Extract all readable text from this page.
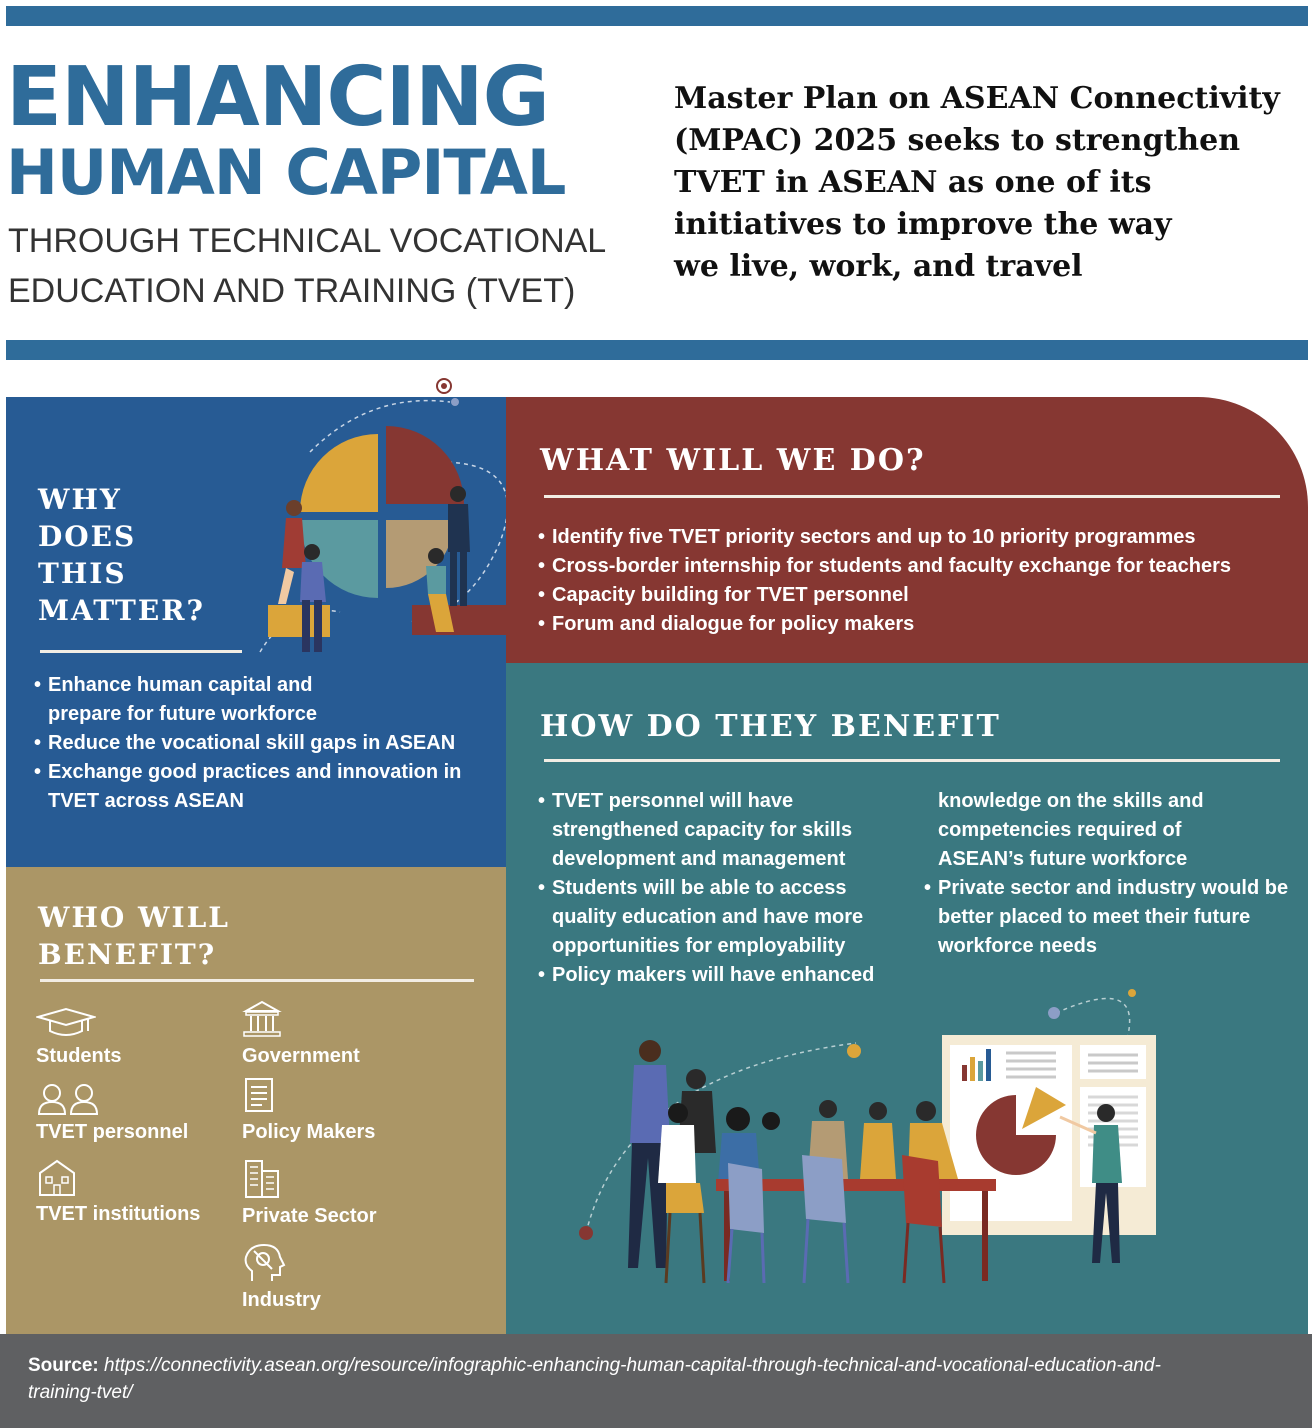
ENHANCING
HUMAN CAPITAL
THROUGH TECHNICAL VOCATIONAL
EDUCATION AND TRAINING (TVET)
Master Plan on ASEAN Connectivity
(MPAC) 2025 seeks to strengthen
TVET in ASEAN as one of its
initiatives to improve the way
we live, work, and travel
WHY
DOES
THIS
MATTER?
• Enhance human capital and prepare for future workforce
• Reduce the vocational skill gaps in ASEAN
• Exchange good practices and innovation in TVET across ASEAN
WHAT WILL WE DO?
• Identify five TVET priority sectors and up to 10 priority programmes
• Cross-border internship for students and faculty exchange for teachers
• Capacity building for TVET personnel
• Forum and dialogue for policy makers
WHO WILL
BENEFIT?
Students	Government
TVET personnel	Policy Makers
TVET institutions Private Sector
Industry
HOW DO THEY BENEFIT
• TVET personnel will have strengthened capacity for skills development and management
• Students will be able to access quality education and have more opportunities for employability
• Policy makers will have enhanced
knowledge on the skills and competencies required of ASEAN’s future workforce
• Private sector and industry would be better placed to meet their future workforce needs
Source: https://connectivity.asean.org/resource/infographic-enhancing-human-capital-through-technical-and-vocational-education-and-training-tvet/
